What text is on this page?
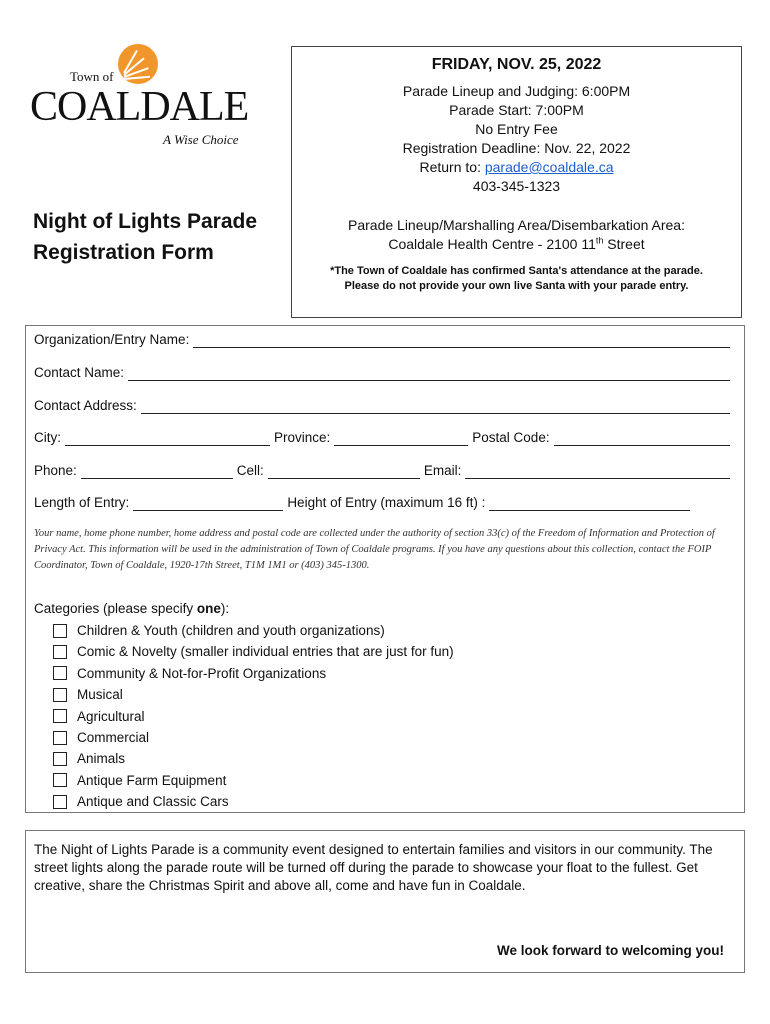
Town of
COALDALE
A Wise Choice
Night of Lights Parade
Registration Form
FRIDAY, NOV. 25, 2022
Parade Lineup and Judging: 6:00PM
Parade Start: 7:00PM
No Entry Fee
Registration Deadline: Nov. 22, 2022
Return to: parade@coaldale.ca
403-345-1323
Parade Lineup/Marshalling Area/Disembarkation Area:
Coaldale Health Centre - 2100 11th Street
*The Town of Coaldale has confirmed Santa's attendance at the parade.
Please do not provide your own live Santa with your parade entry.
Organization/Entry Name:
Contact Name:
Contact Address:
City:	Province:	Postal Code:
Phone:	Cell:	Email:
Length of Entry:	Height of Entry (maximum 16 ft) :
Your name, home phone number, home address and postal code are collected under the authority of section 33(c) of the Freedom of Information and Protection of Privacy Act. This information will be used in the administration of Town of Coaldale programs. If you have any questions about this collection, contact the FOIP Coordinator, Town of Coaldale, 1920-17th Street, T1M 1M1 or (403) 345-1300.
Categories (please specify one):
Children & Youth (children and youth organizations)
Comic & Novelty (smaller individual entries that are just for fun)
Community & Not-for-Profit Organizations
Musical
Agricultural
Commercial
Animals
Antique Farm Equipment
Antique and Classic Cars
The Night of Lights Parade is a community event designed to entertain families and visitors in our community. The street lights along the parade route will be turned off during the parade to showcase your float to the fullest. Get creative, share the Christmas Spirit and above all, come and have fun in Coaldale.
We look forward to welcoming you!
